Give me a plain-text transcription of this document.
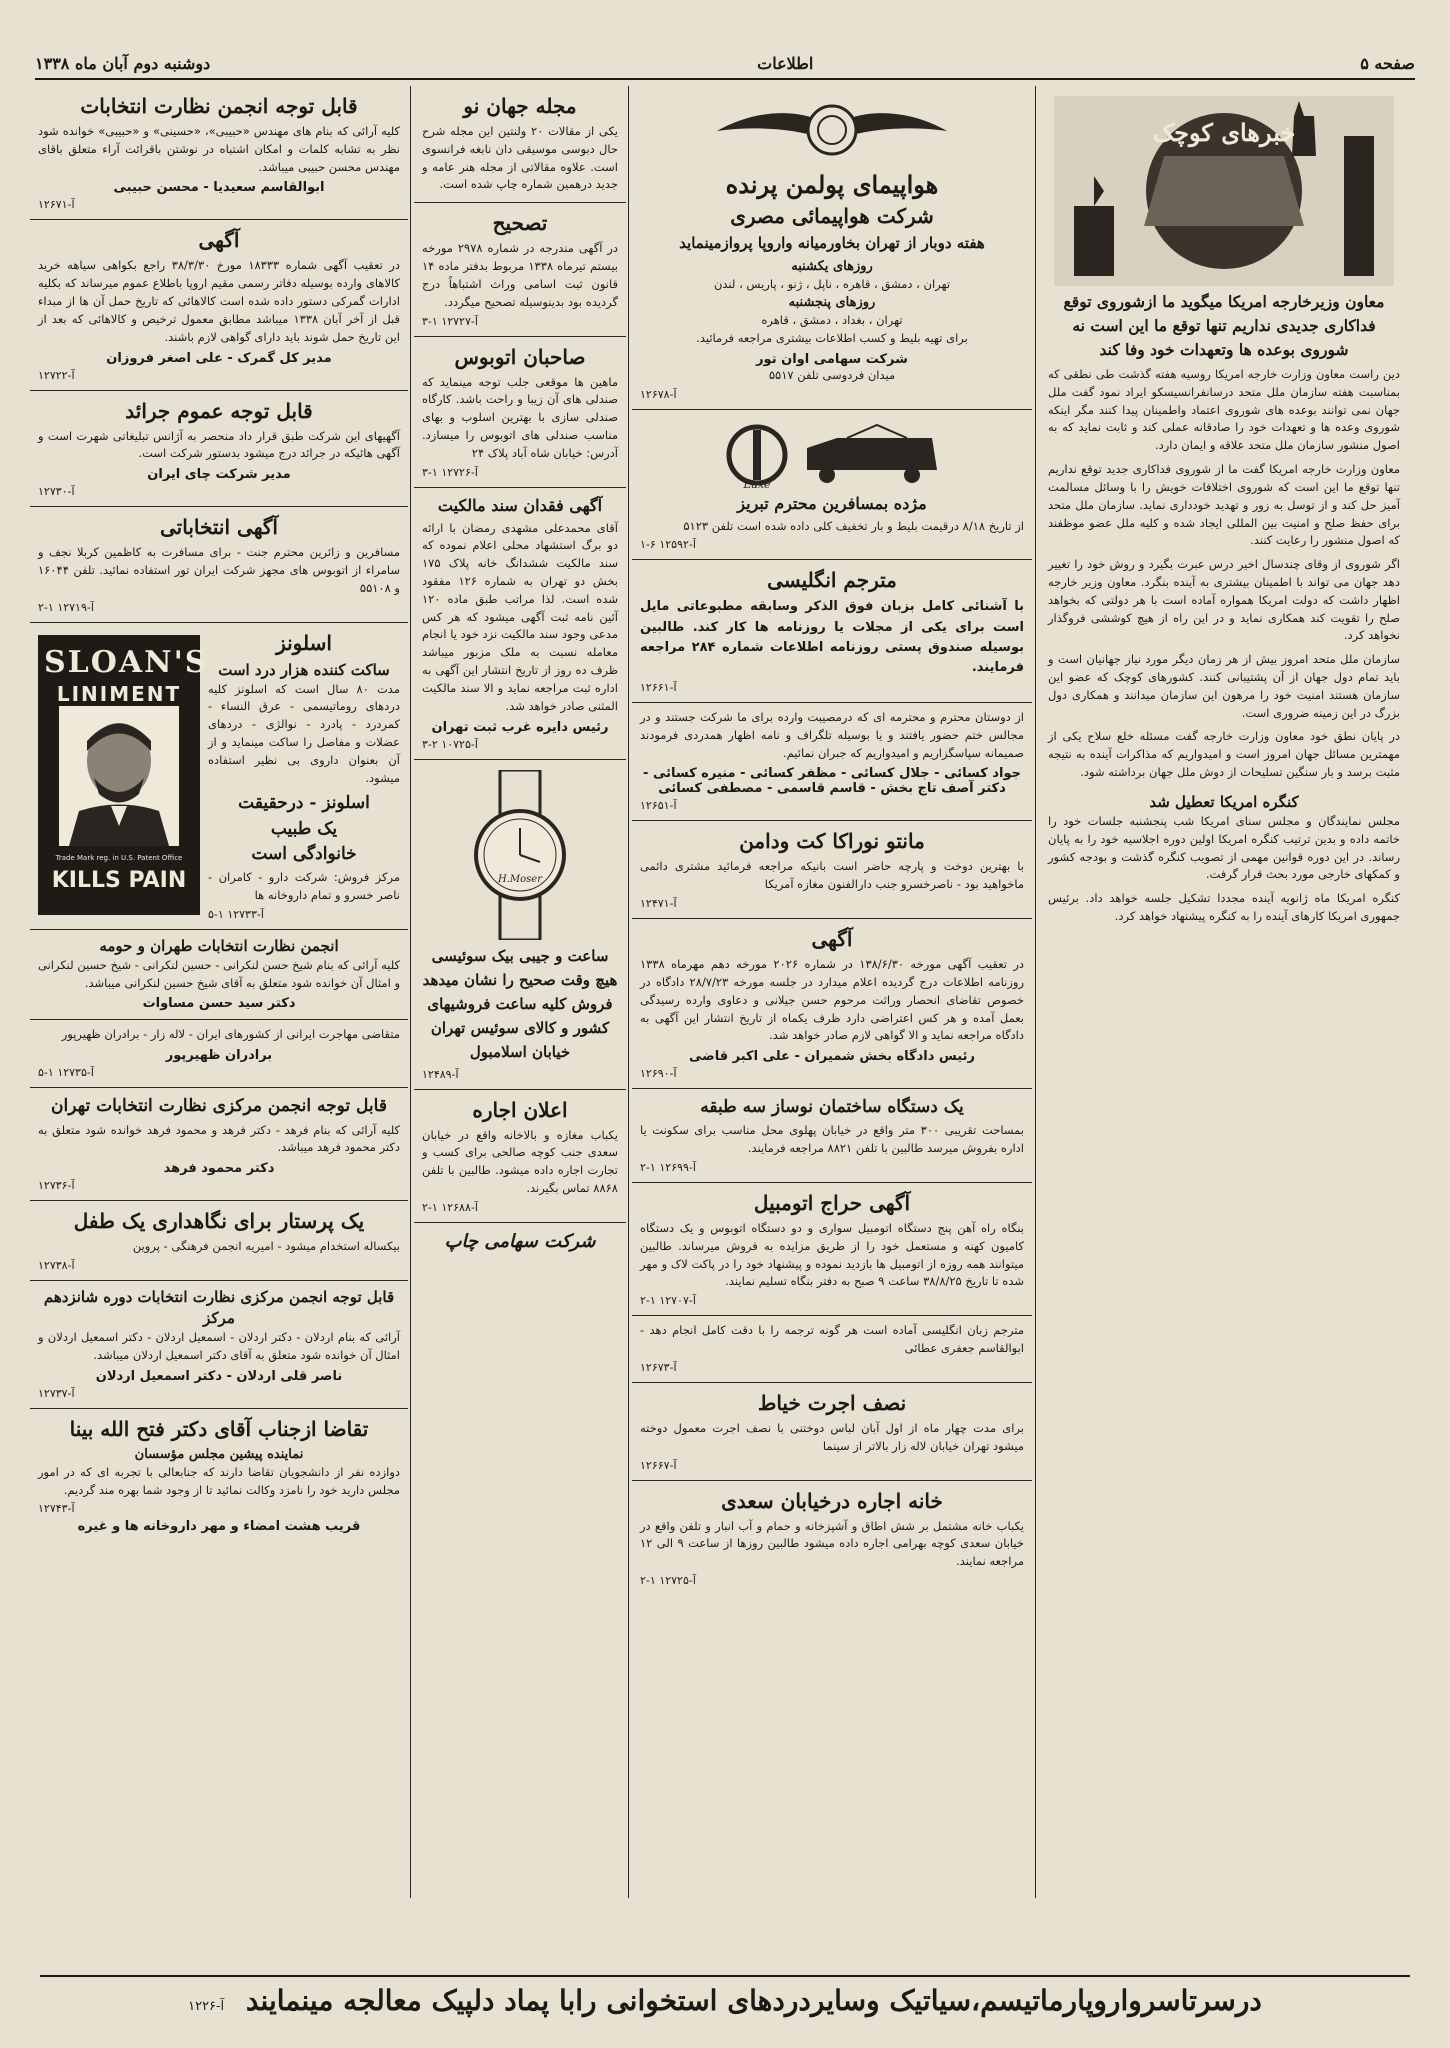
دوشنبه دوم آبان ماه ۱۳۳۸	اطلاعات	صفحه ۵
خبرهای کوچک
معاون وزیرخارجه امریکا میگوید ما ازشوروی توقع فداکاری جدیدی نداریم تنها توقع ما این است نه شوروی بوعده ها وتعهدات خود وفا کند
دین راست معاون وزارت خارجه امریکا روسیه هفته گذشت طی نطقی که بمناسبت هفته سازمان ملل متحد درسانفرانسیسکو ایراد نمود گفت ملل جهان نمی توانند بوعده های شوروی اعتماد واطمینان پیدا کنند مگر اینکه شوروی وعده ها و تعهدات خود را صادقانه عملی کند و ثابت نماید که به اصول منشور سازمان ملل متحد علاقه و ایمان دارد.
معاون وزارت خارجه امریکا گفت ما از شوروی فداکاری جدید توقع نداریم تنها توقع ما این است که شوروی اختلافات خویش را با وسائل مسالمت آمیز حل کند و از توسل به زور و تهدید خودداری نماید. سازمان ملل متحد برای حفظ صلح و امنیت بین المللی ایجاد شده و کلیه ملل عضو موظفند که اصول منشور را رعایت کنند.
اگر شوروی از وقای چندسال اخیر درس عبرت بگیرد و روش خود را تغییر دهد جهان می تواند با اطمینان بیشتری به آینده بنگرد. معاون وزیر خارجه اظهار داشت که دولت امریکا همواره آماده است با هر دولتی که بخواهد صلح را تقویت کند همکاری نماید و در این راه از هیچ کوششی فروگذار نخواهد کرد.
سازمان ملل متحد امروز بیش از هر زمان دیگر مورد نیاز جهانیان است و باید تمام دول جهان از آن پشتیبانی کنند. کشورهای کوچک که عضو این سازمان هستند امنیت خود را مرهون این سازمان میدانند و همکاری دول بزرگ در این زمینه ضروری است.
در پایان نطق خود معاون وزارت خارجه گفت مسئله خلع سلاح یکی از مهمترین مسائل جهان امروز است و امیدواریم که مذاکرات آینده به نتیجه مثبت برسد و بار سنگین تسلیحات از دوش ملل جهان برداشته شود.
کنگره امریکا تعطیل شد
مجلس نمایندگان و مجلس سنای امریکا شب پنجشنبه جلسات خود را خاتمه داده و بدین ترتیب کنگره امریکا اولین دوره اجلاسیه خود را به پایان رساند. در این دوره قوانین مهمی از تصویب کنگره گذشت و بودجه کشور و کمکهای خارجی مورد بحث قرار گرفت.
کنگره امریکا ماه ژانویه آینده مجددا تشکیل جلسه خواهد داد. برئیس جمهوری امریکا کارهای آینده را به کنگره پیشنهاد خواهد کرد.
هواپیمای پولمن پرنده
شرکت هواپیمائی مصری
هفته دوبار از تهران بخاورمیانه واروپا پروازمینماید
روزهای یکشنبه
تهران ، دمشق ، قاهره ، ناپل ، ژنو ، پاریس ، لندن
روزهای پنجشنبه
تهران ، بغداد ، دمشق ، قاهره
برای تهیه بلیط و کسب اطلاعات بیشتری مراجعه فرمائید.
شرکت سهامی اوان تور
میدان فردوسی تلفن ۵۵۱۷
آ-۱۲۶۷۸
Luxe
مژده بمسافرین محترم تبریز
از تاریخ ۸/۱۸ درقیمت بلیط و بار تخفیف کلی داده شده است تلفن ۵۱۲۳
آ-۱۲۵۹۲ ۶-۱
مترجم انگلیسی
با آشنائی کامل بزبان فوق الذکر وسابقه مطبوعاتی مایل است برای یکی از مجلات یا روزنامه ها کار کند. طالبین بوسیله صندوق پستی روزنامه اطلاعات شماره ۲۸۴ مراجعه فرمایند.
آ-۱۲۶۶۱
از دوستان محترم و محترمه ای که درمصیبت وارده برای ما شرکت جستند و در مجالس ختم حضور یافتند و یا بوسیله تلگراف و نامه اظهار همدردی فرمودند صمیمانه سپاسگزاریم و امیدواریم که جبران نمائیم.
جواد کسائی - جلال کسائی - مظفر کسائی - منیره کسائی - دکتر آصف تاج بخش - قاسم قاسمی - مصطفی کسائی
آ-۱۲۶۵۱
مانتو نوراکا کت ودامن
با بهترین دوخت و پارچه حاضر است بانیکه مراجعه فرمائید مشتری دائمی ماخواهید بود - ناصرخسرو جنب دارالفنون مغازه آمریکا
آ-۱۲۴۷۱
آگهی
در تعقیب آگهی مورخه ۱۳۸/۶/۳۰ در شماره ۲۰۲۶ مورخه دهم مهرماه ۱۳۳۸ روزنامه اطلاعات درج گردیده اعلام میدارد در جلسه مورخه ۲۸/۷/۲۳ دادگاه در خصوص تقاضای انحصار وراثت مرحوم حسن جیلانی و دعاوی وارده رسیدگی بعمل آمده و هر کس اعتراضی دارد ظرف یکماه از تاریخ انتشار این آگهی به دادگاه مراجعه نماید و الا گواهی لازم صادر خواهد شد.
رئیس دادگاه بخش شمیران - علی اکبر قاضی
آ-۱۲۶۹۰
یک دستگاه ساختمان نوساز سه طبقه
بمساحت تقریبی ۳۰۰ متر واقع در خیابان پهلوی محل مناسب برای سکونت یا اداره بفروش میرسد طالبین با تلفن ۸۸۲۱ مراجعه فرمایند.
آ-۱۲۶۹۹ ۱-۲
آگهی حراج اتومبیل
بنگاه راه آهن پنج دستگاه اتومبیل سواری و دو دستگاه اتوبوس و یک دستگاه کامیون کهنه و مستعمل خود را از طریق مزایده به فروش میرساند. طالبین میتوانند همه روزه از اتومبیل ها بازدید نموده و پیشنهاد خود را در پاکت لاک و مهر شده تا تاریخ ۳۸/۸/۲۵ ساعت ۹ صبح به دفتر بنگاه تسلیم نمایند.
آ-۱۲۷۰۷ ۱-۲
مترجم زبان انگلیسی آماده است هر گونه ترجمه را با دقت کامل انجام دهد - ابوالقاسم جعفری عطائی
آ-۱۲۶۷۳
نصف اجرت خیاط
برای مدت چهار ماه از اول آبان لباس دوختنی با نصف اجرت معمول دوخته میشود تهران خیابان لاله زار بالاتر از سینما
آ-۱۲۶۶۷
خانه اجاره درخیابان سعدی
یکباب خانه مشتمل بر شش اطاق و آشپزخانه و حمام و آب انبار و تلفن واقع در خیابان سعدی کوچه بهرامی اجاره داده میشود طالبین روزها از ساعت ۹ الی ۱۲ مراجعه نمایند.
آ-۱۲۷۲۵ ۱-۲
مجله جهان نو
یکی از مقالات ۲۰ ولنتین این مجله شرح حال دبوسی موسیقی دان نابغه فرانسوی است. علاوه مقالاتی از مجله هنر عامه و جدید درهمین شماره چاپ شده است.
تصحیح
در آگهی مندرجه در شماره ۲۹۷۸ مورخه بیستم تیرماه ۱۳۳۸ مربوط بدفتر ماده ۱۴ قانون ثبت اسامی وراث اشتباهاً درج گردیده بود بدینوسیله تصحیح میگردد.
آ-۱۲۷۲۷ ۱-۳
صاحبان اتوبوس
ماهین ها موقعی جلب توجه مینماید که صندلی های آن زیبا و راحت باشد. کارگاه صندلی سازی با بهترین اسلوب و بهای مناسب صندلی های اتوبوس را میسازد. آدرس: خیابان شاه آباد پلاک ۲۴
آ-۱۲۷۲۶ ۱-۳
آگهی فقدان سند مالکیت
آقای محمدعلی مشهدی رمضان با ارائه دو برگ استشهاد محلی اعلام نموده که سند مالکیت ششدانگ خانه پلاک ۱۷۵ بخش دو تهران به شماره ۱۲۶ مفقود شده است. لذا مراتب طبق ماده ۱۲۰ آئین نامه ثبت آگهی میشود که هر کس مدعی وجود سند مالکیت نزد خود یا انجام معامله نسبت به ملک مزبور میباشد ظرف ده روز از تاریخ انتشار این آگهی به اداره ثبت مراجعه نماید و الا سند مالکیت المثنی صادر خواهد شد.
رئیس دایره غرب ثبت تهران
آ-۱۰۷۲۵ ۲-۳
H.Moser
ساعت و جیبی بیک سوئیسی هیچ وقت صحیح را نشان میدهد فروش کلیه ساعت فروشیهای کشور و کالای سوئیس تهران خیابان اسلامبول
آ-۱۲۴۸۹
اعلان اجاره
یکباب مغازه و بالاخانه واقع در خیابان سعدی جنب کوچه صالحی برای کسب و تجارت اجاره داده میشود. طالبین با تلفن ۸۸۶۸ تماس بگیرند.
آ-۱۲۶۸۸ ۱-۲
شرکت سهامی چاپ
قابل توجه انجمن نظارت انتخابات
کلیه آرائی که بنام های مهندس «حبیبی»، «حسینی» و «حبیبی» خوانده شود نظر به تشابه کلمات و امکان اشتباه در نوشتن باقرائت آراء متعلق باقای مهندس محسن حبیبی میباشد.
ابوالقاسم سعیدیا - محسن حبیبی
آ-۱۲۶۷۱
آگهی
در تعقیب آگهی شماره ۱۸۳۳۳ مورخ ۳۸/۳/۳۰ راجع بکواهی سیاهه خرید کالاهای وارده بوسیله دفاتر رسمی مقیم اروپا باطلاع عموم میرساند که بکلیه ادارات گمرکی دستور داده شده است کالاهائی که تاریخ حمل آن ها از مبداء قبل از آخر آبان ۱۳۳۸ میباشد مطابق معمول ترخیص و کالاهائی که بعد از این تاریخ حمل شوند باید دارای گواهی لازم باشند.
مدیر کل گمرک - علی اصغر فروزان
آ-۱۲۷۲۲
قابل توجه عموم جرائد
آگهیهای این شرکت طبق قرار داد منحصر به آژانس تبلیغاتی شهرت است و آگهی هائیکه در جرائد درج میشود بدستور شرکت است.
مدیر شرکت چای ایران
آ-۱۲۷۳۰
آگهی انتخاباتی
مسافرین و زائرین محترم جنت - برای مسافرت به کاظمین کربلا نجف و سامراء از اتوبوس های مجهز شرکت ایران تور استفاده نمائید. تلفن ۱۶۰۴۴ و ۵۵۱۰۸
آ-۱۲۷۱۹ ۱-۲
اسلونز
ساکت کننده هزار درد است
مدت ۸۰ سال است که اسلونز کلیه دردهای روماتیسمی - عرق النساء - کمردرد - پادرد - نوالژی - دردهای عضلات و مفاصل را ساکت مینماید و از آن بعنوان داروی بی نظیر استفاده میشود.
اسلونز - درحقیقت
یک طبیب
خانوادگی است
مرکز فروش: شرکت دارو - کامران - ناصر خسرو و تمام داروخانه ها
آ-۱۲۷۳۳ ۱-۵
SLOAN'S
LINIMENT
Trade Mark reg. in U.S. Patent Office
KILLS PAIN
انجمن نظارت انتخابات طهران و حومه
کلیه آرائی که بنام شیخ حسن لنکرانی - حسین لنکرانی - شیخ حسین لنکرانی و امثال آن خوانده شود متعلق به آقای شیخ حسین لنکرانی میباشد.
دکتر سید حسن مساوات
متقاضی مهاجرت ایرانی از کشورهای ایران - لاله زار - برادران ظهیرپور
برادران ظهیرپور
آ-۱۲۷۳۵ ۱-۵
قابل توجه انجمن مرکزی نظارت انتخابات تهران
کلیه آرائی که بنام فرهد - دکتر فرهد و محمود فرهد خوانده شود متعلق به دکتر محمود فرهد میباشد.
دکتر محمود فرهد
آ-۱۲۷۳۶
یک پرستار برای نگاهداری یک طفل
بیکساله استخدام میشود - امیریه انجمن فرهنگی - پروین
آ-۱۲۷۳۸
قابل توجه انجمن مرکزی نظارت انتخابات دوره شانزدهم مرکز
آرائی که بنام اردلان - دکتر اردلان - اسمعیل اردلان - دکتر اسمعیل اردلان و امثال آن خوانده شود متعلق به آقای دکتر اسمعیل اردلان میباشد.
ناصر قلی اردلان - دکتر اسمعیل اردلان
آ-۱۲۷۳۷
تقاضا ازجناب آقای دکتر فتح الله بینا
نماینده پیشین مجلس مؤسسان
دوازده نفر از دانشجویان تقاضا دارند که جنابعالی با تجربه ای که در امور مجلس دارید خود را نامزد وکالت نمائید تا از وجود شما بهره مند گردیم.
آ-۱۲۷۴۳
قریب هشت امضاء و مهر داروخانه ها و غیره
درسرتاسرواروپارماتیسم،سیاتیک وسایردردهای استخوانی رابا پماد دلپیک معالجه مینمایند آ-۱۲۲۶
